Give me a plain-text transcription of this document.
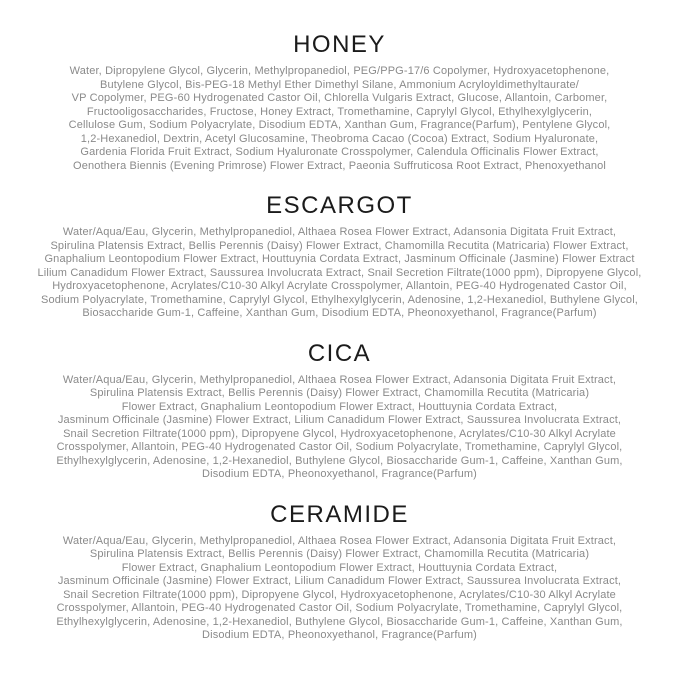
HONEY
Water, Dipropylene Glycol, Glycerin, Methylpropanediol, PEG/PPG-17/6 Copolymer, Hydroxyacetophenone,
Butylene Glycol, Bis-PEG-18 Methyl Ether Dimethyl Silane, Ammonium Acryloyldimethyltaurate/
VP Copolymer, PEG-60 Hydrogenated Castor Oil, Chlorella Vulgaris Extract, Glucose, Allantoin, Carbomer,
Fructooligosaccharides, Fructose, Honey Extract, Tromethamine, Caprylyl Glycol, Ethylhexylglycerin,
Cellulose Gum, Sodium Polyacrylate, Disodium EDTA, Xanthan Gum, Fragrance(Parfum), Pentylene Glycol,
1,2-Hexanediol, Dextrin, Acetyl Glucosamine, Theobroma Cacao (Cocoa) Extract, Sodium Hyaluronate,
Gardenia Florida Fruit Extract, Sodium Hyaluronate Crosspolymer, Calendula Officinalis Flower Extract,
Oenothera Biennis (Evening Primrose) Flower Extract, Paeonia Suffruticosa Root Extract, Phenoxyethanol
ESCARGOT
Water/Aqua/Eau, Glycerin, Methylpropanediol, Althaea Rosea Flower Extract, Adansonia Digitata Fruit Extract,
Spirulina Platensis Extract, Bellis Perennis (Daisy) Flower Extract, Chamomilla Recutita (Matricaria) Flower Extract,
Gnaphalium Leontopodium Flower Extract, Houttuynia Cordata Extract, Jasminum Officinale (Jasmine) Flower Extract
Lilium Canadidum Flower Extract, Saussurea Involucrata Extract, Snail Secretion Filtrate(1000 ppm), Dipropyene Glycol,
Hydroxyacetophenone, Acrylates/C10-30 Alkyl Acrylate Crosspolymer, Allantoin, PEG-40 Hydrogenated Castor Oil,
Sodium Polyacrylate, Tromethamine, Caprylyl Glycol, Ethylhexylglycerin, Adenosine, 1,2-Hexanediol, Buthylene Glycol,
Biosaccharide Gum-1, Caffeine, Xanthan Gum, Disodium EDTA, Pheonoxyethanol, Fragrance(Parfum)
CICA
Water/Aqua/Eau, Glycerin, Methylpropanediol, Althaea Rosea Flower Extract, Adansonia Digitata Fruit Extract,
Spirulina Platensis Extract, Bellis Perennis (Daisy) Flower Extract, Chamomilla Recutita (Matricaria)
Flower Extract, Gnaphalium Leontopodium Flower Extract, Houttuynia Cordata Extract,
Jasminum Officinale (Jasmine) Flower Extract, Lilium Canadidum Flower Extract, Saussurea Involucrata Extract,
Snail Secretion Filtrate(1000 ppm), Dipropyene Glycol, Hydroxyacetophenone, Acrylates/C10-30 Alkyl Acrylate
Crosspolymer, Allantoin, PEG-40 Hydrogenated Castor Oil, Sodium Polyacrylate, Tromethamine, Caprylyl Glycol,
Ethylhexylglycerin, Adenosine, 1,2-Hexanediol, Buthylene Glycol, Biosaccharide Gum-1, Caffeine, Xanthan Gum,
Disodium EDTA, Pheonoxyethanol, Fragrance(Parfum)
CERAMIDE
Water/Aqua/Eau, Glycerin, Methylpropanediol, Althaea Rosea Flower Extract, Adansonia Digitata Fruit Extract,
Spirulina Platensis Extract, Bellis Perennis (Daisy) Flower Extract, Chamomilla Recutita (Matricaria)
Flower Extract, Gnaphalium Leontopodium Flower Extract, Houttuynia Cordata Extract,
Jasminum Officinale (Jasmine) Flower Extract, Lilium Canadidum Flower Extract, Saussurea Involucrata Extract,
Snail Secretion Filtrate(1000 ppm), Dipropyene Glycol, Hydroxyacetophenone, Acrylates/C10-30 Alkyl Acrylate
Crosspolymer, Allantoin, PEG-40 Hydrogenated Castor Oil, Sodium Polyacrylate, Tromethamine, Caprylyl Glycol,
Ethylhexylglycerin, Adenosine, 1,2-Hexanediol, Buthylene Glycol, Biosaccharide Gum-1, Caffeine, Xanthan Gum,
Disodium EDTA, Pheonoxyethanol, Fragrance(Parfum)
